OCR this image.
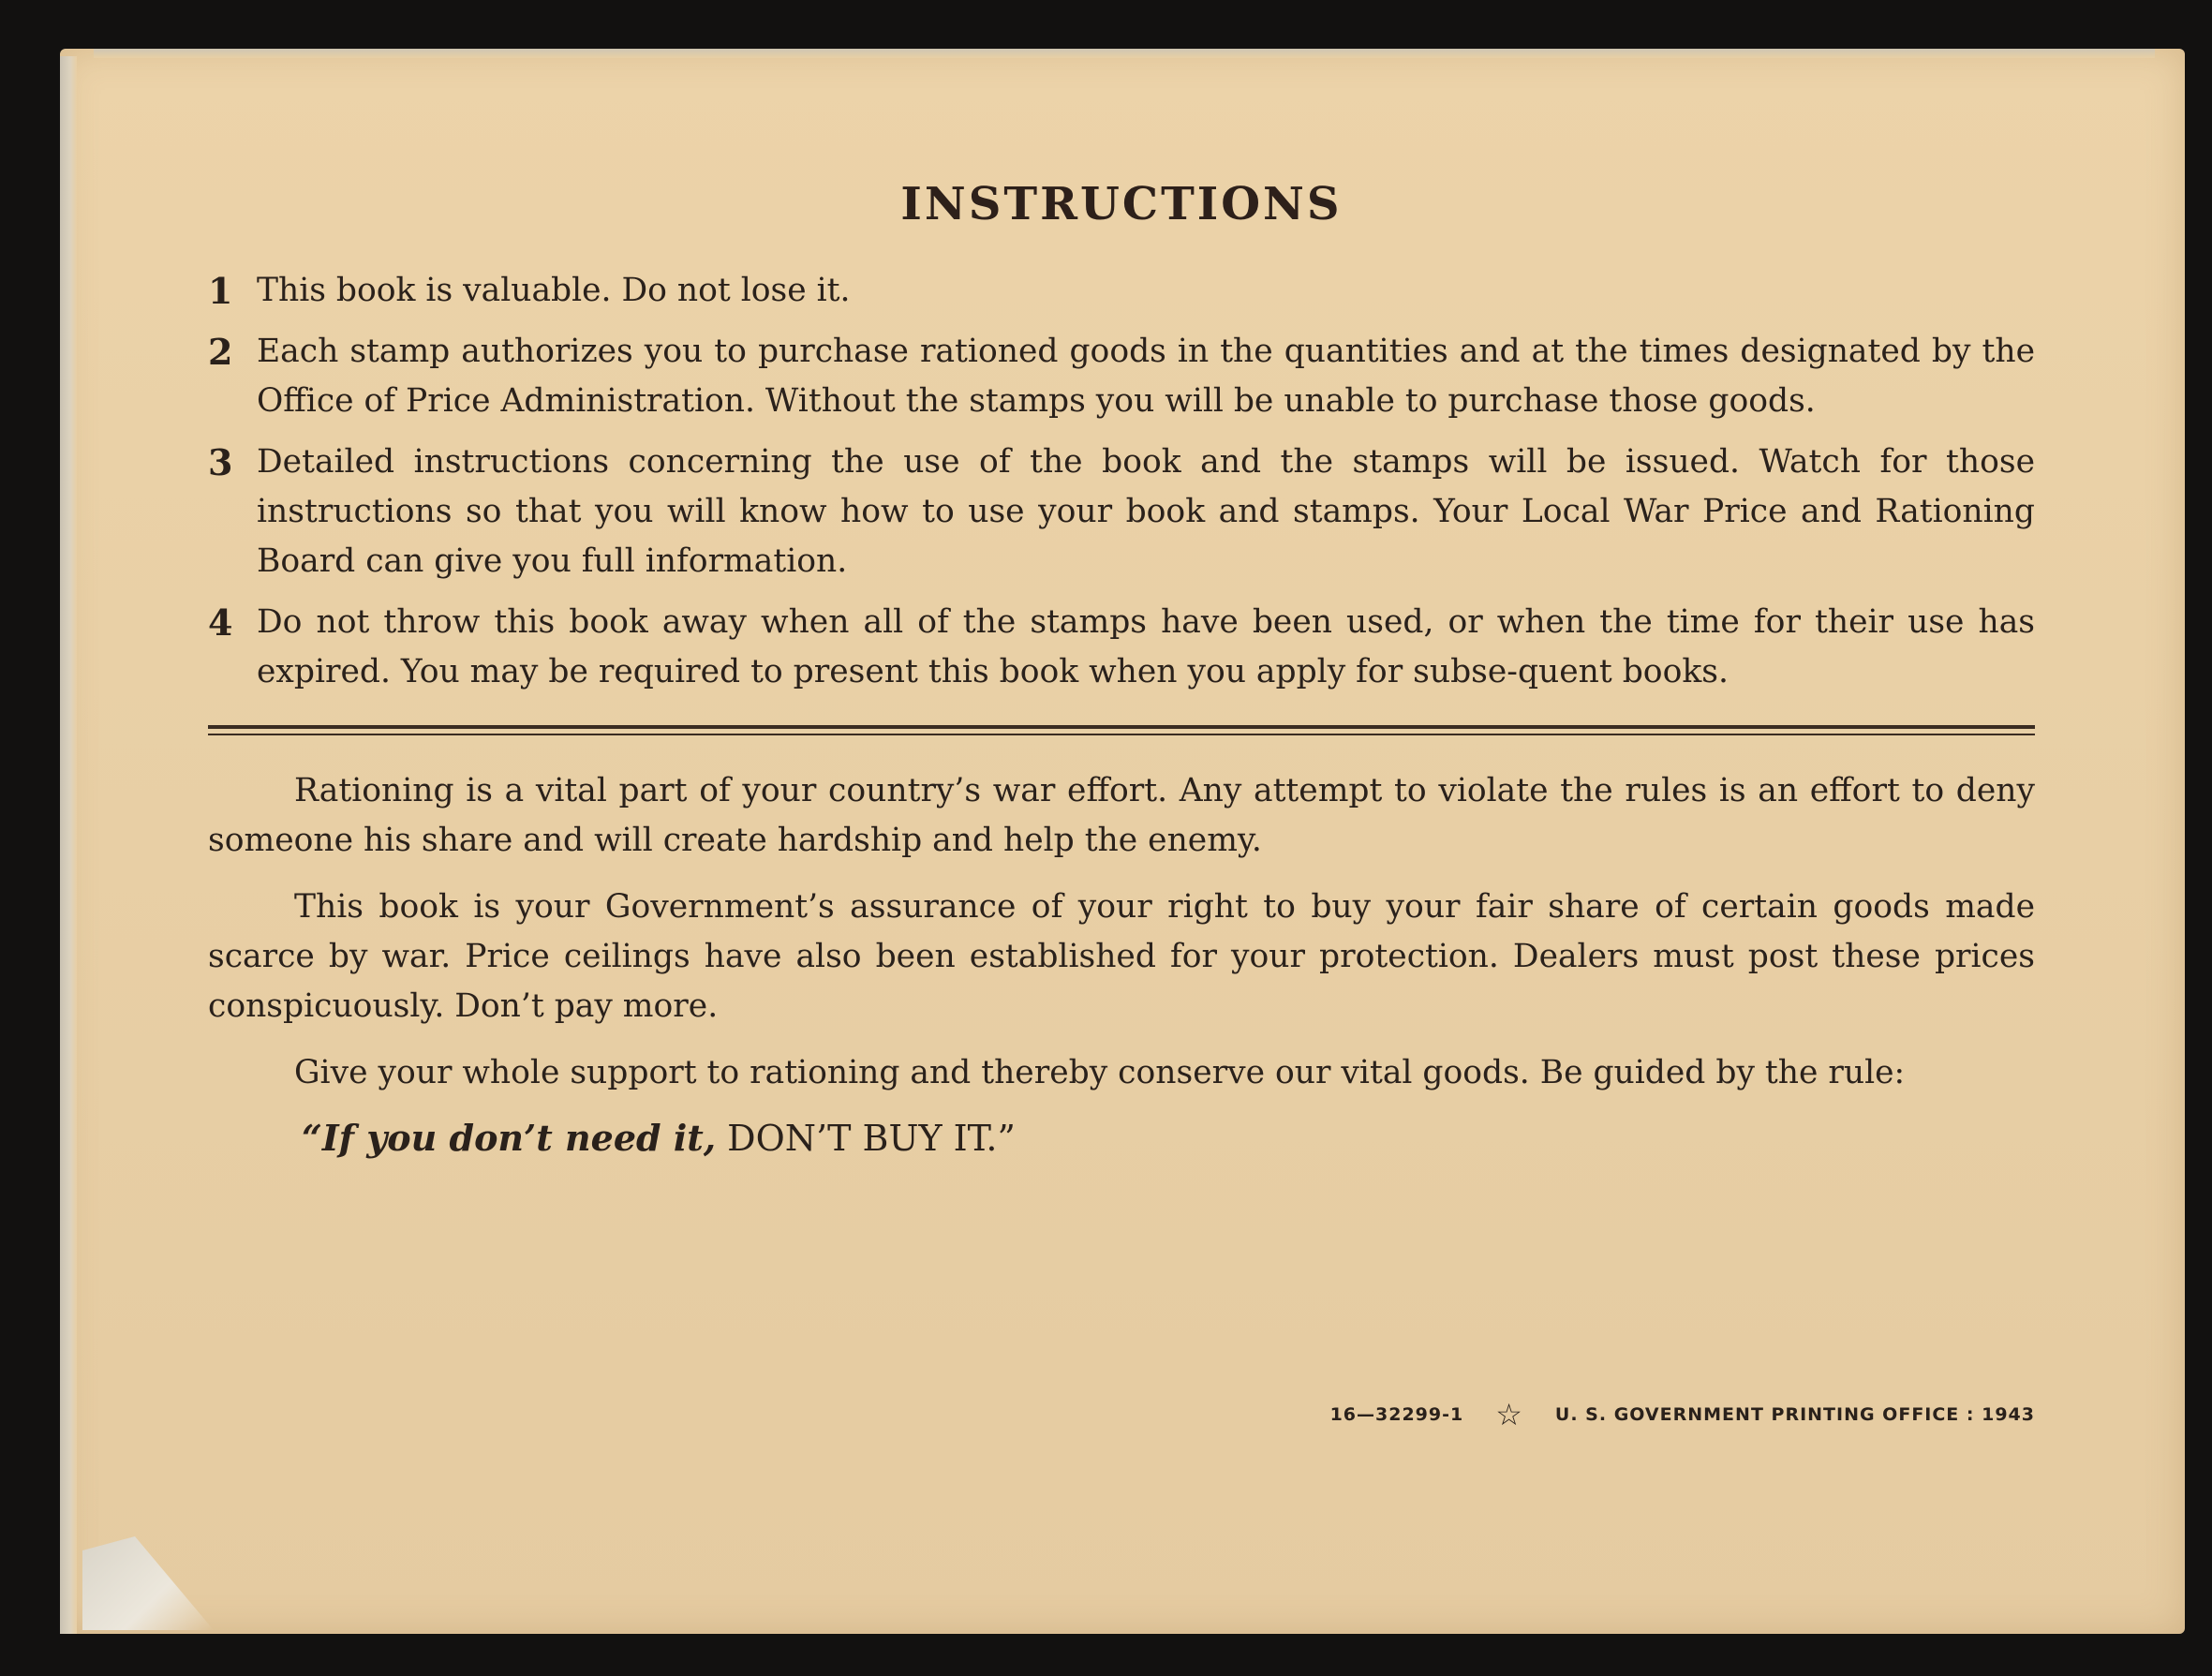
INSTRUCTIONS
1 This book is valuable. Do not lose it.
2 Each stamp authorizes you to purchase rationed goods in the quantities and at the times designated by the Office of Price Administration. Without the stamps you will be unable to purchase those goods.
3 Detailed instructions concerning the use of the book and the stamps will be issued. Watch for those instructions so that you will know how to use your book and stamps. Your Local War Price and Rationing Board can give you full information.
4 Do not throw this book away when all of the stamps have been used, or when the time for their use has expired. You may be required to present this book when you apply for subse-quent books.

Rationing is a vital part of your country’s war effort. Any attempt to violate the rules is an effort to deny someone his share and will create hardship and help the enemy.

This book is your Government’s assurance of your right to buy your fair share of certain goods made scarce by war. Price ceilings have also been established for your protection. Dealers must post these prices conspicuously. Don’t pay more.

Give your whole support to rationing and thereby conserve our vital goods. Be guided by the rule:

“If you don’t need it, DON’T BUY IT.”
16—32299-1 ☆ U. S. GOVERNMENT PRINTING OFFICE : 1943
